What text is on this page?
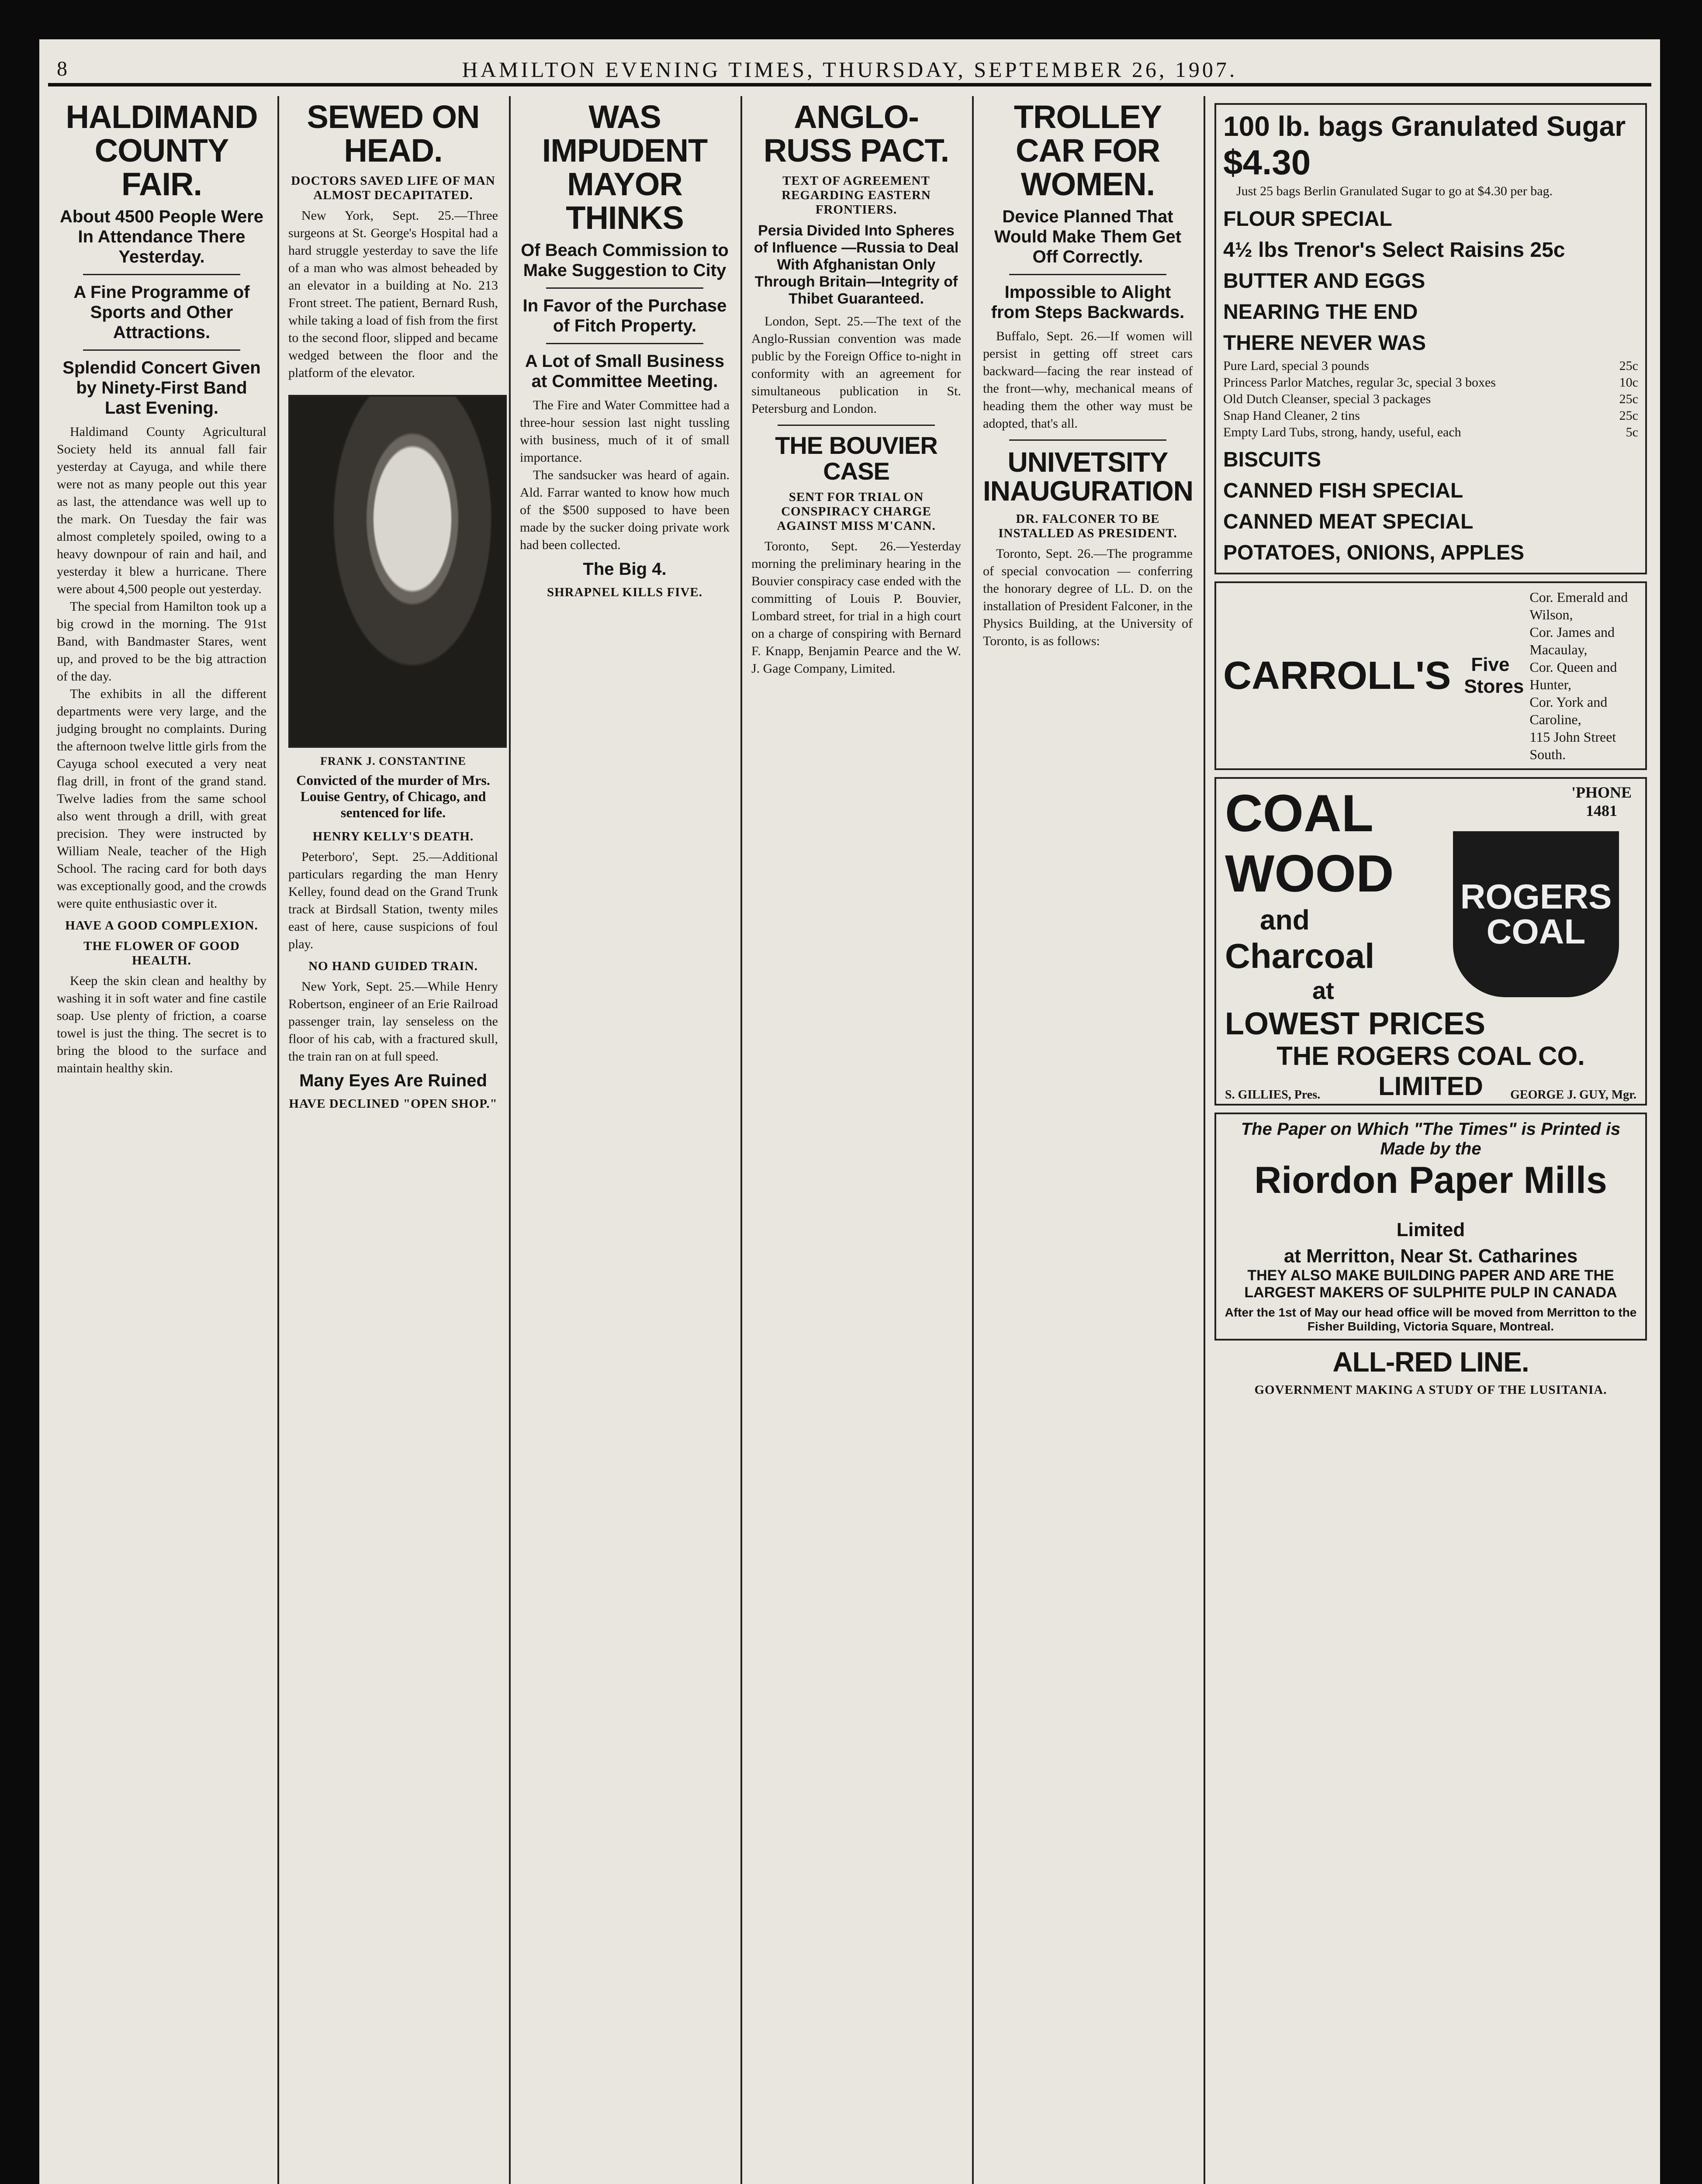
8	HAMILTON EVENING TIMES, THURSDAY, SEPTEMBER 26, 1907.
HALDIMAND COUNTY FAIR.
About 4500 People Were In Attendance There Yesterday.
A Fine Programme of Sports and Other Attractions.
Splendid Concert Given by Ninety-First Band Last Evening.

Haldimand County Agricultural Society held its annual fall fair yesterday at Cayuga, and while there were not as many people out this year as last, the attendance was well up to the mark. On Tuesday the fair was almost completely spoiled, owing to a heavy downpour of rain and hail, and yesterday it blew a hurricane. There were about 4,500 people out yesterday.

The special from Hamilton took up a big crowd in the morning. The 91st Band, with Bandmaster Stares, went up, and proved to be the big attraction of the day.

The exhibits in all the different departments were very large, and the judging brought no complaints. During the afternoon twelve little girls from the Cayuga school executed a very neat flag drill, in front of the grand stand. Twelve ladies from the same school also went through a drill, with great precision. They were instructed by William Neale, teacher of the High School. The racing card for both days was exceptionally good, and the crowds were quite enthusiastic over it.

HAVE A GOOD COMPLEXION.
THE FLOWER OF GOOD HEALTH.

Keep the skin clean and healthy by washing it in soft water and fine castile soap. Use plenty of friction, a coarse towel is just the thing. The secret is to bring the blood to the surface and maintain healthy skin.

SEWED ON HEAD.
DOCTORS SAVED LIFE OF MAN ALMOST DECAPITATED.

New York, Sept. 25.—Three surgeons at St. George's Hospital had a hard struggle yesterday to save the life of a man who was almost beheaded by an elevator in a building at No. 213 Front street. The patient, Bernard Rush, while taking a load of fish from the first to the second floor, slipped and became wedged between the floor and the platform of the elevator.

FRANK J. CONSTANTINE
Convicted of the murder of Mrs. Louise Gentry, of Chicago, and sentenced for life.
HENRY KELLY'S DEATH.

Peterboro', Sept. 25.—Additional particulars regarding the man Henry Kelley, found dead on the Grand Trunk track at Birdsall Station, twenty miles east of here, cause suspicions of foul play.

NO HAND GUIDED TRAIN.

New York, Sept. 25.—While Henry Robertson, engineer of an Erie Railroad passenger train, lay senseless on the floor of his cab, with a fractured skull, the train ran on at full speed.

Many Eyes Are Ruined
HAVE DECLINED "OPEN SHOP."
WAS IMPUDENT MAYOR THINKS
Of Beach Commission to Make Suggestion to City
In Favor of the Purchase of Fitch Property.
A Lot of Small Business at Committee Meeting.

The Fire and Water Committee had a three-hour session last night tussling with business, much of it of small importance.

The sandsucker was heard of again. Ald. Farrar wanted to know how much of the $500 supposed to have been made by the sucker doing private work had been collected.

The Big 4.
SHRAPNEL KILLS FIVE.
ANGLO-RUSS PACT.
TEXT OF AGREEMENT REGARDING EASTERN FRONTIERS.
Persia Divided Into Spheres of Influence —Russia to Deal With Afghanistan Only Through Britain—Integrity of Thibet Guaranteed.

London, Sept. 25.—The text of the Anglo-Russian convention was made public by the Foreign Office to-night in conformity with an agreement for simultaneous publication in St. Petersburg and London.

THE BOUVIER CASE
SENT FOR TRIAL ON CONSPIRACY CHARGE AGAINST MISS M'CANN.

Toronto, Sept. 26.—Yesterday morning the preliminary hearing in the Bouvier conspiracy case ended with the committing of Louis P. Bouvier, Lombard street, for trial in a high court on a charge of conspiring with Bernard F. Knapp, Benjamin Pearce and the W. J. Gage Company, Limited.

TROLLEY CAR FOR WOMEN.
Device Planned That Would Make Them Get Off Correctly.
Impossible to Alight from Steps Backwards.

Buffalo, Sept. 26.—If women will persist in getting off street cars backward—facing the rear instead of the front—why, mechanical means of heading them the other way must be adopted, that's all.

UNIVETSITY INAUGURATION
DR. FALCONER TO BE INSTALLED AS PRESIDENT.

Toronto, Sept. 26.—The programme of special convocation — conferring the honorary degree of LL. D. on the installation of President Falconer, in the Physics Building, at the University of Toronto, is as follows:

100 lb. bags Granulated Sugar $4.30

Just 25 bags Berlin Granulated Sugar to go at $4.30 per bag.

FLOUR SPECIAL
4½ lbs Trenor's Select Raisins 25c
BUTTER AND EGGS
NEARING THE END
THERE NEVER WAS
Pure Lard, special 3 pounds	25c
Princess Parlor Matches, regular 3c, special 3 boxes	10c
Old Dutch Cleanser, special 3 packages	25c
Snap Hand Cleaner, 2 tins	25c
Empty Lard Tubs, strong, handy, useful, each	5c
BISCUITS
CANNED FISH SPECIAL
CANNED MEAT SPECIAL
POTATOES, ONIONS, APPLES
CARROLL'S	Five Stores
Cor. Emerald and Wilson,
Cor. James and Macaulay,
Cor. Queen and Hunter,
Cor. York and Caroline,
115 John Street South.
COAL
WOOD
and
Charcoal
at
'PHONE 1481
ROGERS
COAL
LOWEST PRICES
THE ROGERS COAL CO. LIMITED
S. GILLIES, Pres.	GEORGE J. GUY, Mgr.
The Paper on Which "The Times" is Printed is Made by the
Riordon Paper Mills Limited
at Merritton, Near St. Catharines
THEY ALSO MAKE BUILDING PAPER AND ARE THE LARGEST MAKERS OF SULPHITE PULP IN CANADA
After the 1st of May our head office will be moved from Merritton to the Fisher Building, Victoria Square, Montreal.
ALL-RED LINE.
GOVERNMENT MAKING A STUDY OF THE LUSITANIA.
